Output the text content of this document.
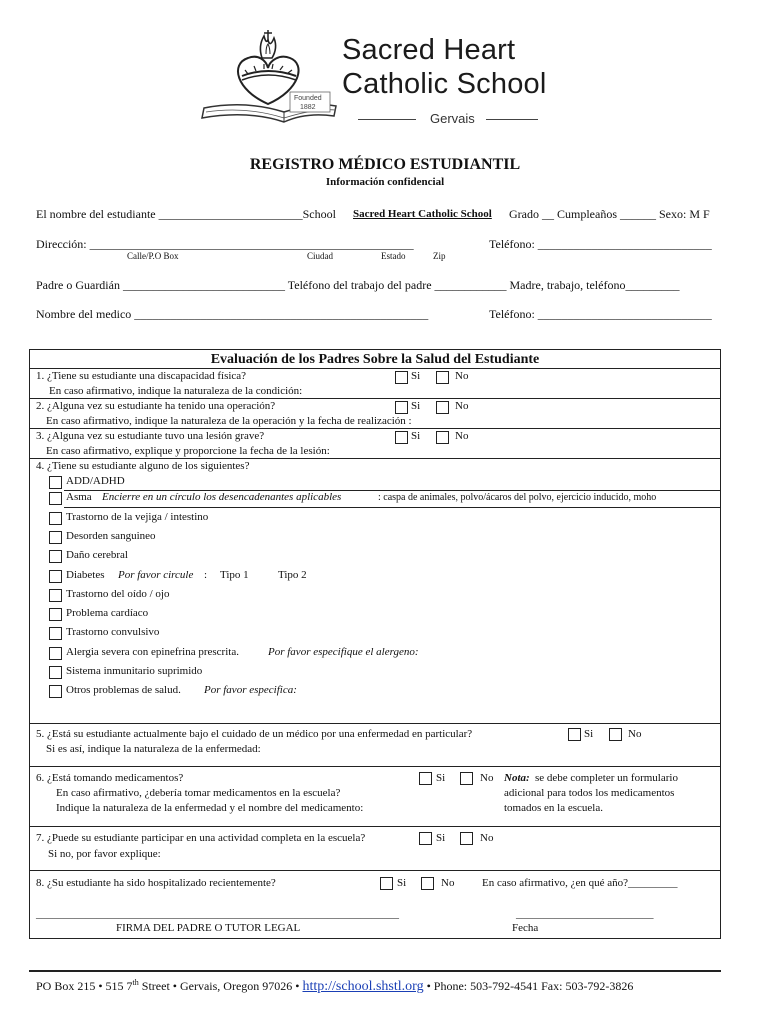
Founded
1882
Sacred Heart
Catholic School
Gervais
REGISTRO MÉDICO ESTUDIANTIL
Información confidencial
El nombre del estudiante ________________________School Sacred Heart Catholic School Grado __ Cumpleaños ______ Sexo: M F
Dirección: ______________________________________________________	Teléfono: _____________________________
Calle/P.O Box	Ciudad	Estado	Zip
Padre o Guardián ___________________________ Teléfono del trabajo del padre ____________ Madre, trabajo, teléfono_________
Nombre del medico _________________________________________________	Teléfono: _____________________________
Evaluación de los Padres Sobre la Salud del Estudiante
1. ¿Tiene su estudiante una discapacidad física?	Si	No
En caso afirmativo, indique la naturaleza de la condición:
2. ¿Alguna vez su estudiante ha tenido una operación?	Si	No
En caso afirmativo, indique la naturaleza de la operación y la fecha de realización :
3. ¿Alguna vez su estudiante tuvo una lesión grave?	Si	No
En caso afirmativo, explique y proporcione la fecha de la lesión:
4. ¿Tiene su estudiante alguno de los siguientes?
ADD/ADHD
Asma Encierre en un círculo los desencadenantes aplicables	: caspa de animales, polvo/ácaros del polvo, ejercicio inducido, moho
Trastorno de la vejiga / intestino
Desorden sanguineo
Daño cerebral
Diabetes Por favor circule : Tipo 1	Tipo 2
Trastorno del oído / ojo
Problema cardíaco
Trastorno convulsivo
Alergia severa con epinefrina prescrita.	Por favor especifique el alergeno:
Sistema inmunitario suprimido
Otros problemas de salud. Por favor especifica:
5. ¿Está su estudiante actualmente bajo el cuidado de un médico por una enfermedad en particular?	Si	No
Si es así, indique la naturaleza de la enfermedad:
6. ¿Está tomando medicamentos?	Si	No Nota: se debe completer un formulario
adicional para todos los medicamentos
tomados en la escuela.
En caso afirmativo, ¿debería tomar medicamentos en la escuela?
Indique la naturaleza de la enfermedad y el nombre del medicamento:
7. ¿Puede su estudiante participar en una actividad completa en la escuela?	Si	No
Si no, por favor explique:
8. ¿Su estudiante ha sido hospitalizado recientemente?	Si	No	En caso afirmativo, ¿en qué año?_________
__________________________________________________________________	_________________________
FIRMA DEL PADRE O TUTOR LEGAL	Fecha
PO Box 215 • 515 7th Street • Gervais, Oregon 97026 • http://school.shstl.org • Phone: 503-792-4541 Fax: 503-792-3826
